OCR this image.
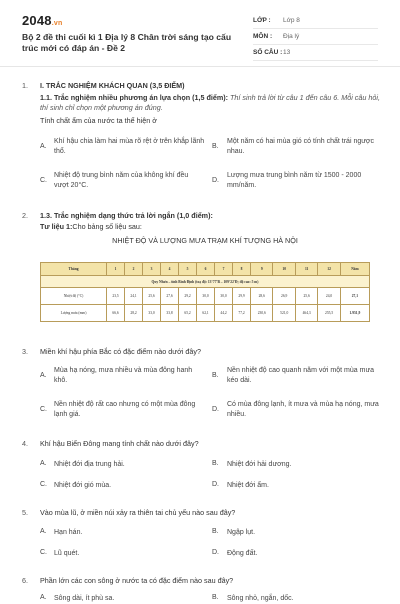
2048.vn
Bộ 2 đề thi cuối kì 1 Địa lý 8 Chân trời sáng tạo cấu trúc mới có đáp án - Đề 2
LỚP :	Lớp 8
MÔN :	Địa lý
SỐ CÂU : 13
1. I. TRẮC NGHIỆM KHÁCH QUAN (3,5 ĐIỂM)
1.1. Trắc nghiệm nhiều phương án lựa chọn (1,5 điểm): Thí sinh trả lời từ câu 1 đến câu 6. Mỗi câu hỏi, thí sinh chỉ chọn một phương án đúng.
Tính chất ẩm của nước ta thể hiện ở
A.
Khí hậu chia làm hai mùa rõ rệt ở trên khắp lãnh thổ.
B.
Một năm có hai mùa gió có tính chất trái ngược nhau.
C.
Nhiệt độ trung bình năm của không khí đều vượt 20°C.
D.
Lượng mưa trung bình năm từ 1500 - 2000 mm/năm.
2. 1.3. Trắc nghiệm dạng thức trả lời ngắn (1,0 điểm):
Tư liệu 1:Cho bảng số liệu sau:
NHIỆT ĐỘ VÀ LƯỢNG MƯA TRẠM KHÍ TƯỢNG HÀ NỘI
Tháng	1	2	3	4	5	6	7	8	9	10	11	12	Năm
Quy Nhơn – tỉnh Bình Định (toạ độ: 13°77'B – 109°22'Đ; độ cao: 5 m)													
Nhiệt độ (°C)	23,5	24,1	25,6	27,6	29,2	30,0	30,0	29,9	28,6	26,9	25,6	24,0	27,1
Lượng mưa (mm)	66,6	28,2	33,0	33,8	65,2	62,1	44,2	77,2	230,6	521,0	464,3	255,5	1.951,9
3. Miền khí hậu phía Bắc có đặc điểm nào dưới đây?
A.
Mùa hạ nóng, mưa nhiều và mùa đông hanh khô.
B.
Nền nhiệt độ cao quanh năm với một mùa mưa kéo dài.
C.
Nền nhiệt độ rất cao nhưng có một mùa đông lạnh giá.
D.
Có mùa đông lạnh, ít mưa và mùa hạ nóng, mưa nhiều.
4. Khí hậu Biển Đông mang tính chất nào dưới đây?
A. Nhiệt đới địa trung hải.	B. Nhiệt đới hải dương.
C. Nhiệt đới gió mùa.	D. Nhiệt đới ẩm.
5. Vào mùa lũ, ở miền núi xảy ra thiên tai chủ yếu nào sau đây?
A. Hạn hán.	B. Ngập lụt.
C. Lũ quét.	D. Động đất.
6. Phần lớn các con sông ở nước ta có đặc điểm nào sau đây?
A. Sông dài, ít phù sa.	B. Sông nhỏ, ngắn, dốc.
